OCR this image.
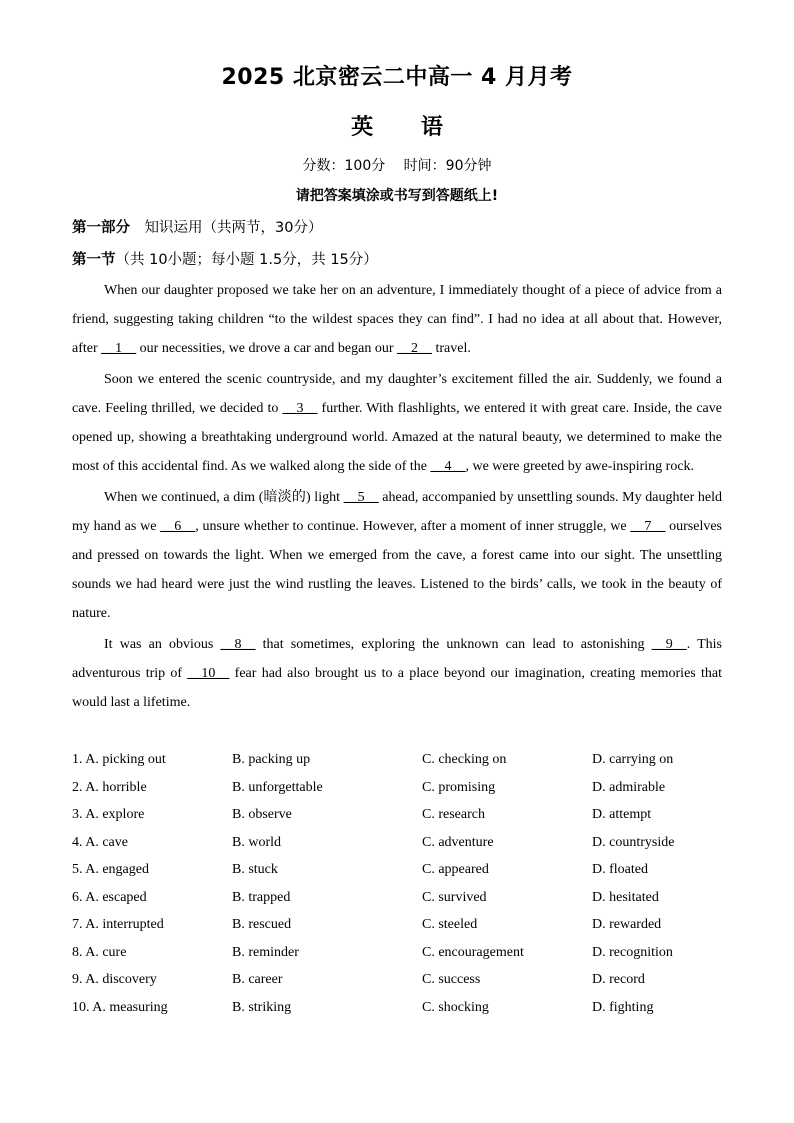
2025 北京密云二中高一 4 月月考
英 语
分数：100分　 时间：90分钟
请把答案填涂或书写到答题纸上!
第一部分　知识运用（共两节，30分）
第一节（共 10小题；每小题 1.5分，共 15分）

When our daughter proposed we take her on an adventure, I immediately thought of a piece of advice from a friend, suggesting taking children “to the wildest spaces they can find”. I had no idea at all about that. However, after __1__ our necessities, we drove a car and began our __2__ travel.

Soon we entered the scenic countryside, and my daughter’s excitement filled the air. Suddenly, we found a cave. Feeling thrilled, we decided to __3__ further. With flashlights, we entered it with great care. Inside, the cave opened up, showing a breathtaking underground world. Amazed at the natural beauty, we determined to make the most of this accidental find. As we walked along the side of the __4__, we were greeted by awe-inspiring rock.

When we continued, a dim (暗淡的) light __5__ ahead, accompanied by unsettling sounds. My daughter held my hand as we __6__, unsure whether to continue. However, after a moment of inner struggle, we __7__ ourselves and pressed on towards the light. When we emerged from the cave, a forest came into our sight. The unsettling sounds we had heard were just the wind rustling the leaves. Listened to the birds’ calls, we took in the beauty of nature.

It was an obvious __8__ that sometimes, exploring the unknown can lead to astonishing __9__. This adventurous trip of __10__ fear had also brought us to a place beyond our imagination, creating memories that would last a lifetime.

1. A. picking out	B. packing up	C. checking on	D. carrying on
2. A. horrible	B. unforgettable	C. promising	D. admirable
3. A. explore	B. observe	C. research	D. attempt
4. A. cave	B. world	C. adventure	D. countryside
5. A. engaged	B. stuck	C. appeared	D. floated
6. A. escaped	B. trapped	C. survived	D. hesitated
7. A. interrupted	B. rescued	C. steeled	D. rewarded
8. A. cure	B. reminder	C. encouragement	D. recognition
9. A. discovery	B. career	C. success	D. record
10. A. measuring	B. striking	C. shocking	D. fighting
